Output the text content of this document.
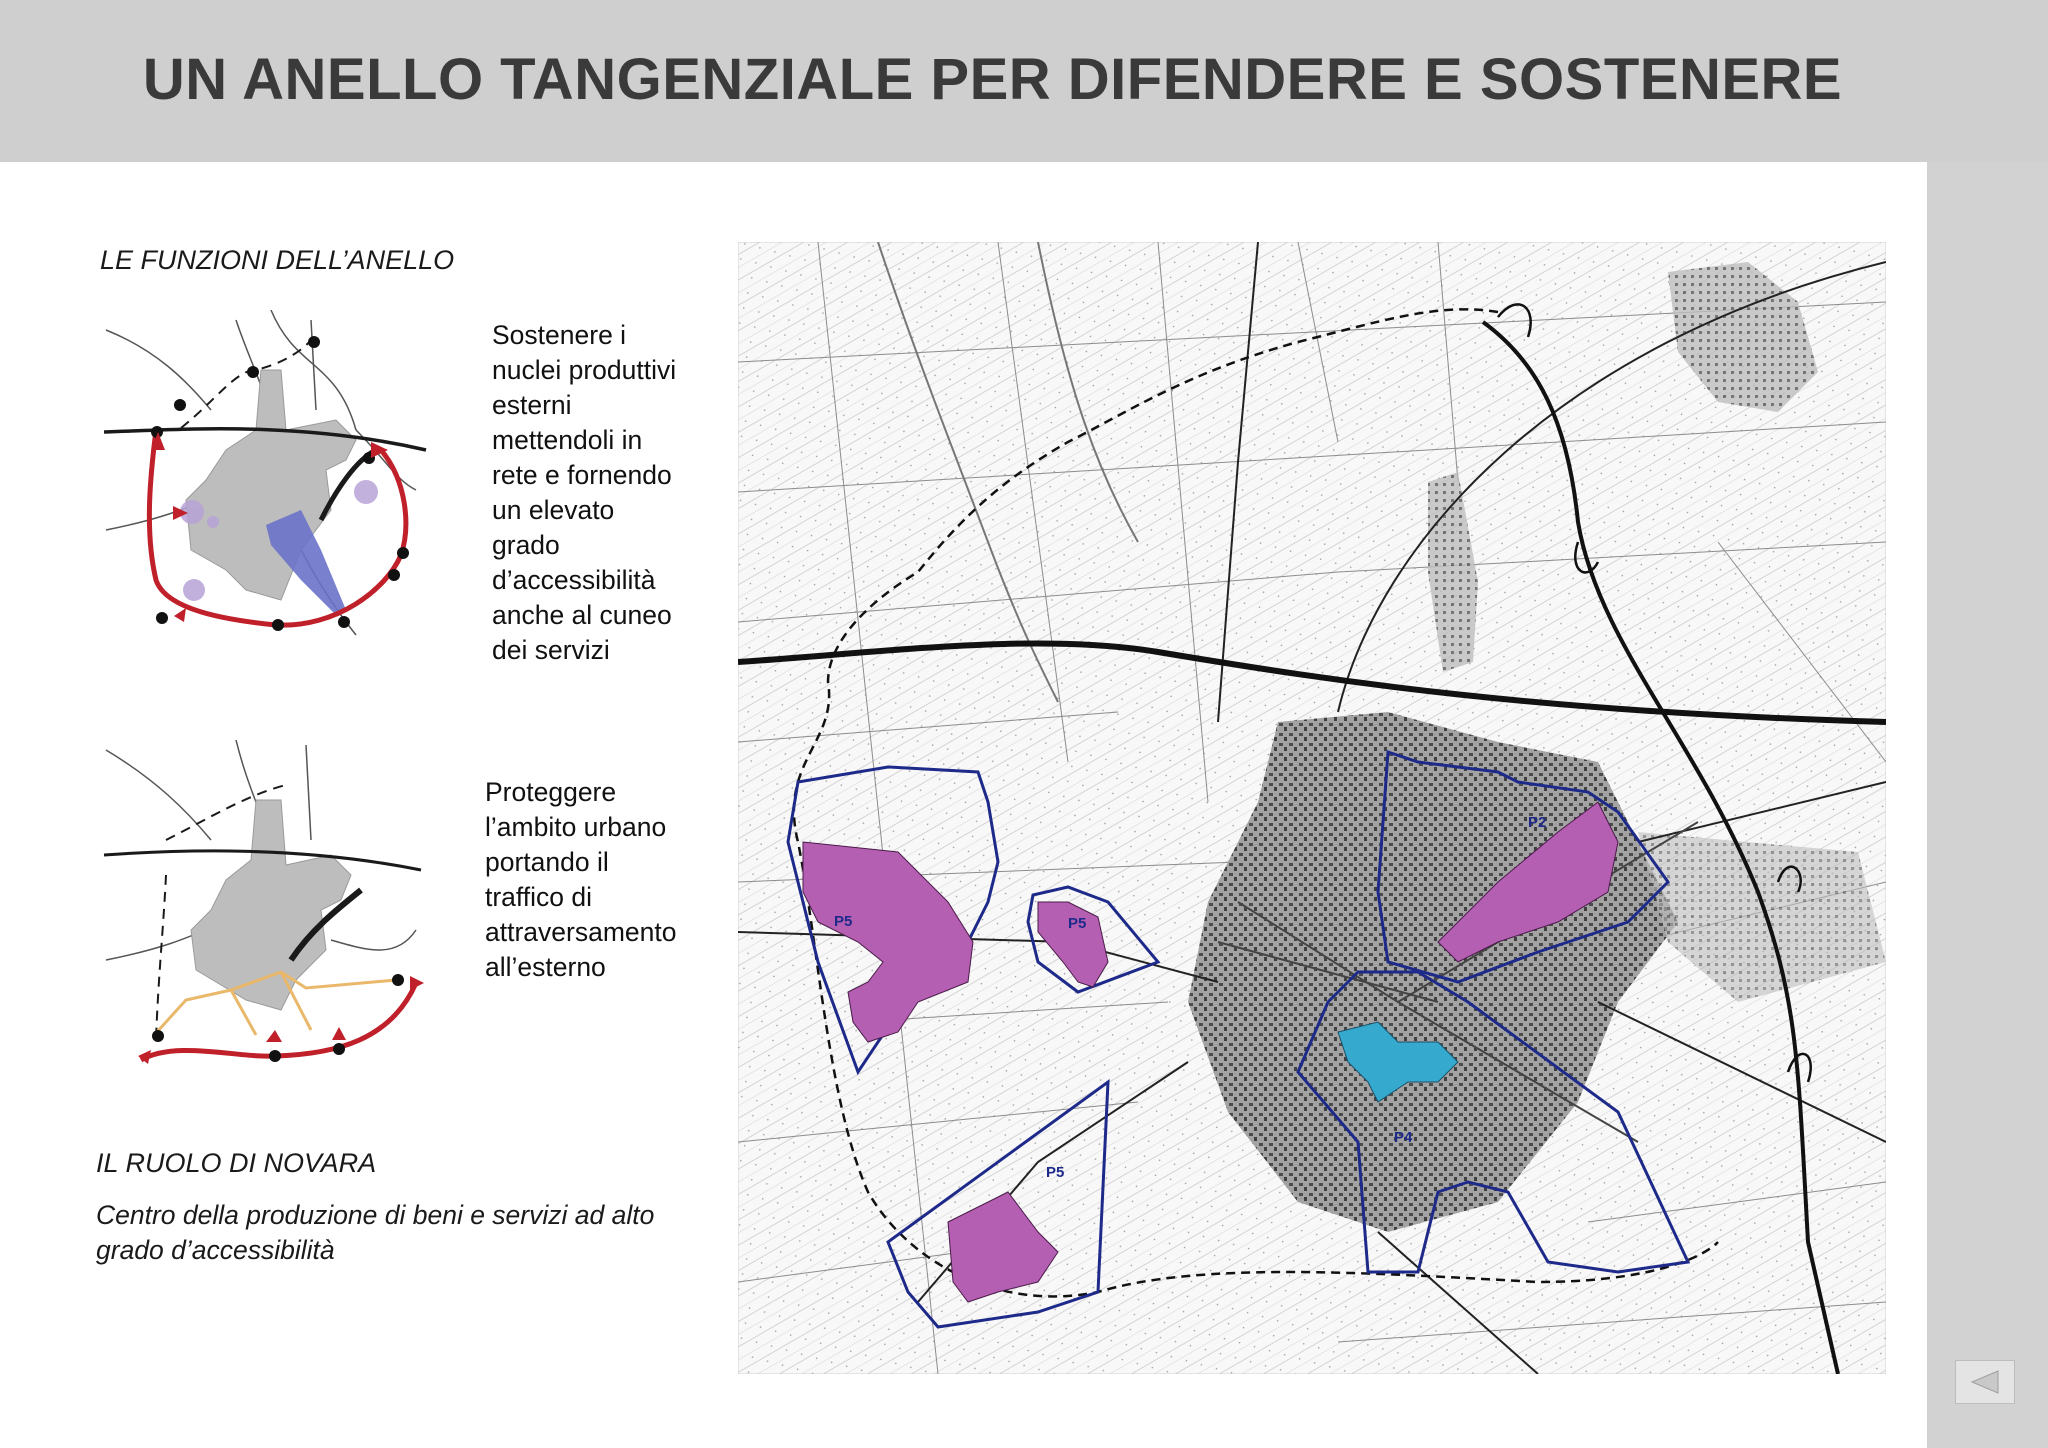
UN ANELLO TANGENZIALE PER DIFENDERE E SOSTENERE
LE FUNZIONI DELL’ANELLO
Sostenere i
nuclei produttivi
esterni
mettendoli in
rete e fornendo
un elevato
grado
d’accessibilità
anche al cuneo
dei servizi
Proteggere
l’ambito urbano
portando il
traffico di
attraversamento
all’esterno
IL RUOLO DI NOVARA
Centro della produzione di beni e servizi ad alto grado d’accessibilità
P5	P5
P5
P2
P4
